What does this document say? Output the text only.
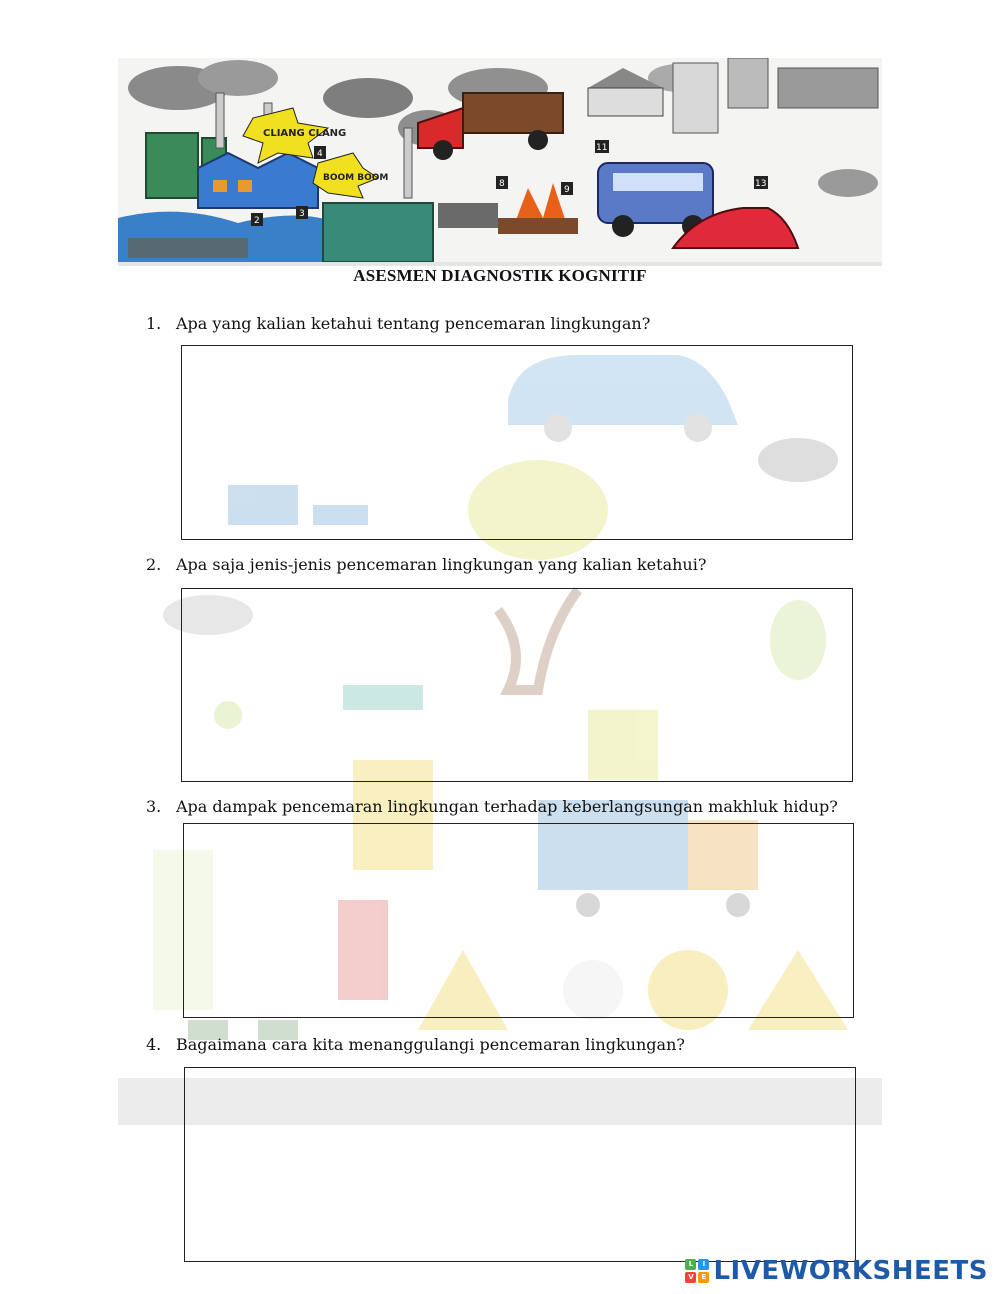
CLIANG CLANG
BOOM BOOM
4
2
3
8
9
11
13
ASESMEN DIAGNOSTIK KOGNITIF
1. Apa yang kalian ketahui tentang pencemaran lingkungan?
2. Apa saja jenis-jenis pencemaran lingkungan yang kalian ketahui?
3. Apa dampak pencemaran lingkungan terhadap keberlangsungan makhluk hidup?
4. Bagaimana cara kita menanggulangi pencemaran lingkungan?
L	I
V	E LIVEWORKSHEETS
